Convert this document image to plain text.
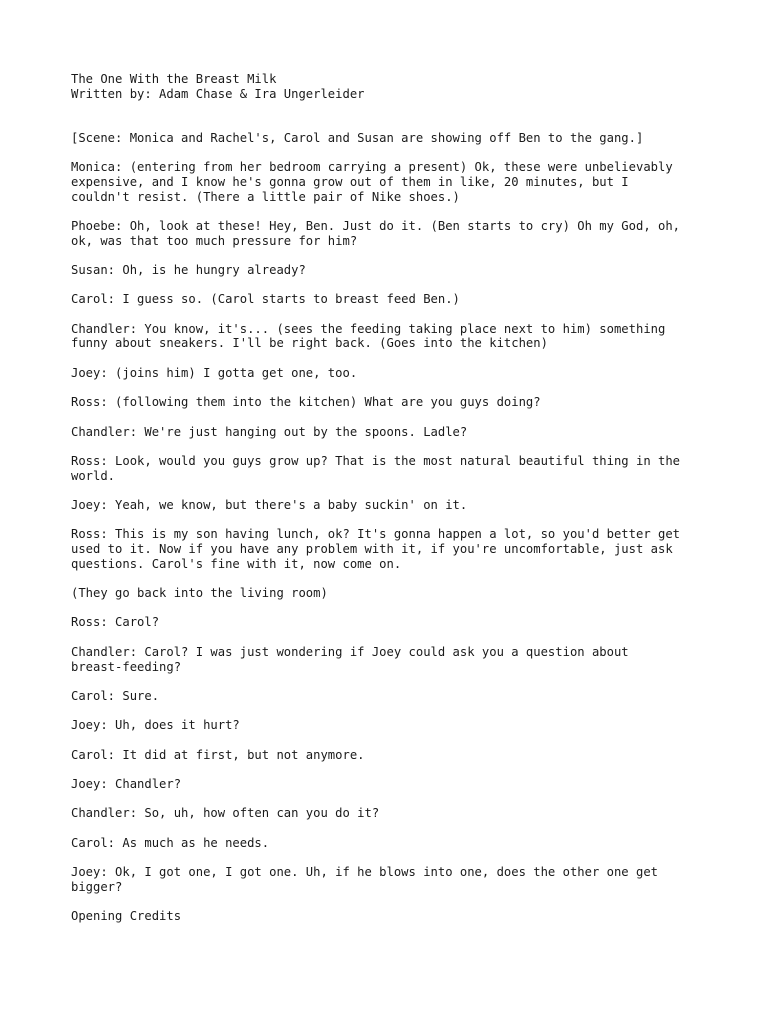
The One With the Breast Milk
Written by: Adam Chase & Ira Ungerleider
[Scene: Monica and Rachel's, Carol and Susan are showing off Ben to the gang.]
Monica: (entering from her bedroom carrying a present) Ok, these were unbelievably
expensive, and I know he's gonna grow out of them in like, 20 minutes, but I
couldn't resist. (There a little pair of Nike shoes.)
Phoebe: Oh, look at these! Hey, Ben. Just do it. (Ben starts to cry) Oh my God, oh,
ok, was that too much pressure for him?
Susan: Oh, is he hungry already?
Carol: I guess so. (Carol starts to breast feed Ben.)
Chandler: You know, it's... (sees the feeding taking place next to him) something
funny about sneakers. I'll be right back. (Goes into the kitchen)
Joey: (joins him) I gotta get one, too.
Ross: (following them into the kitchen) What are you guys doing?
Chandler: We're just hanging out by the spoons. Ladle?
Ross: Look, would you guys grow up? That is the most natural beautiful thing in the
world.
Joey: Yeah, we know, but there's a baby suckin' on it.
Ross: This is my son having lunch, ok? It's gonna happen a lot, so you'd better get
used to it. Now if you have any problem with it, if you're uncomfortable, just ask
questions. Carol's fine with it, now come on.
(They go back into the living room)
Ross: Carol?
Chandler: Carol? I was just wondering if Joey could ask you a question about
breast-feeding?
Carol: Sure.
Joey: Uh, does it hurt?
Carol: It did at first, but not anymore.
Joey: Chandler?
Chandler: So, uh, how often can you do it?
Carol: As much as he needs.
Joey: Ok, I got one, I got one. Uh, if he blows into one, does the other one get
bigger?
Opening Credits
